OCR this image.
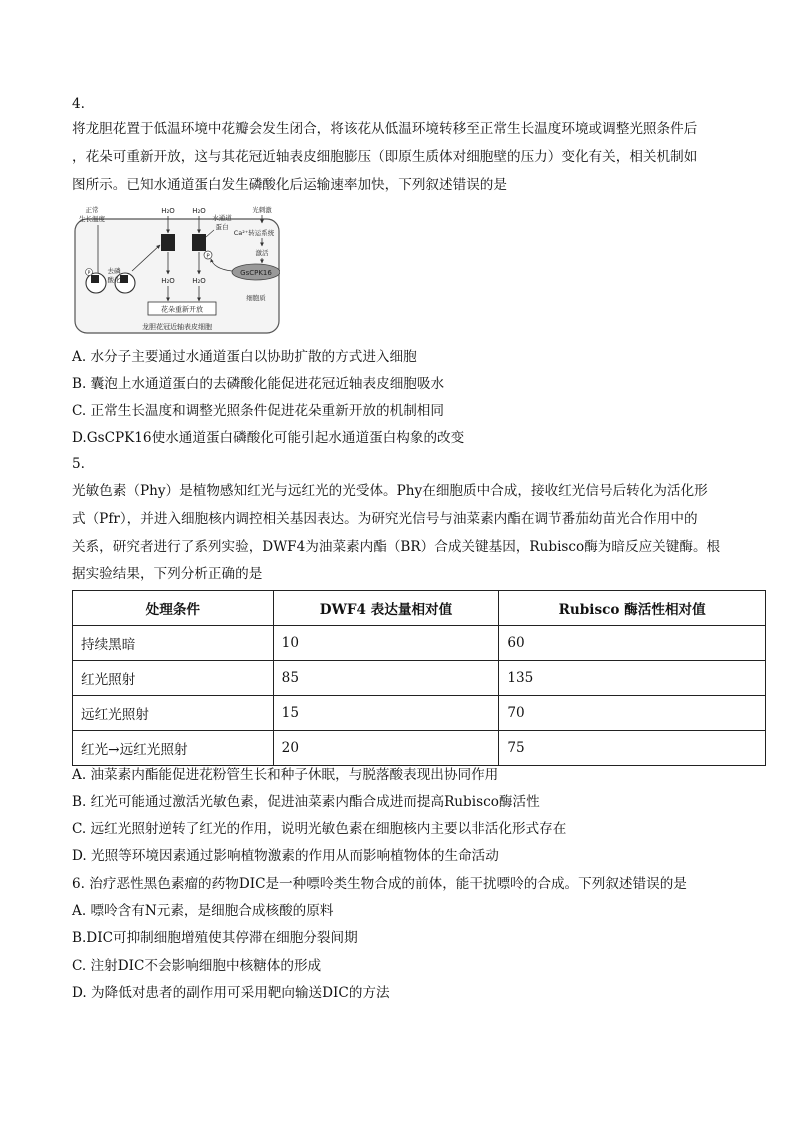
4.
将龙胆花置于低温环境中花瓣会发生闭合，将该花从低温环境转移至正常生长温度环境或调整光照条件后
，花朵可重新开放，这与其花冠近轴表皮细胞膨压（即原生质体对细胞壁的压力）变化有关，相关机制如
图所示。已知水通道蛋白发生磷酸化后运输速率加快，下列叙述错误的是
正常
生长温度
H₂O H₂O
水通道
蛋白
光刺激
Ca²⁺转运系统
激活
GsCPK16
P
H₂O H₂O
花朵重新开放
P	去磷
酸化
细胞质
龙胆花冠近轴表皮细胞
A. 水分子主要通过水通道蛋白以协助扩散的方式进入细胞
B. 囊泡上水通道蛋白的去磷酸化能促进花冠近轴表皮细胞吸水
C. 正常生长温度和调整光照条件促进花朵重新开放的机制相同
D.GsCPK16使水通道蛋白磷酸化可能引起水通道蛋白构象的改变
5.
光敏色素（Phy）是植物感知红光与远红光的光受体。Phy在细胞质中合成，接收红光信号后转化为活化形
式（Pfr），并进入细胞核内调控相关基因表达。为研究光信号与油菜素内酯在调节番茄幼苗光合作用中的
关系，研究者进行了系列实验，DWF4为油菜素内酯（BR）合成关键基因，Rubisco酶为暗反应关键酶。根
据实验结果，下列分析正确的是
处理条件	DWF4 表达量相对值	Rubisco 酶活性相对值
持续黑暗	10	60
红光照射	85	135
远红光照射	15	70
红光→远红光照射	20	75
A. 油菜素内酯能促进花粉管生长和种子休眠，与脱落酸表现出协同作用
B. 红光可能通过激活光敏色素，促进油菜素内酯合成进而提高Rubisco酶活性
C. 远红光照射逆转了红光的作用，说明光敏色素在细胞核内主要以非活化形式存在
D. 光照等环境因素通过影响植物激素的作用从而影响植物体的生命活动
6. 治疗恶性黑色素瘤的药物DIC是一种嘌呤类生物合成的前体，能干扰嘌呤的合成。下列叙述错误的是
A. 嘌呤含有N元素，是细胞合成核酸的原料
B.DIC可抑制细胞增殖使其停滞在细胞分裂间期
C. 注射DIC不会影响细胞中核糖体的形成
D. 为降低对患者的副作用可采用靶向输送DIC的方法
